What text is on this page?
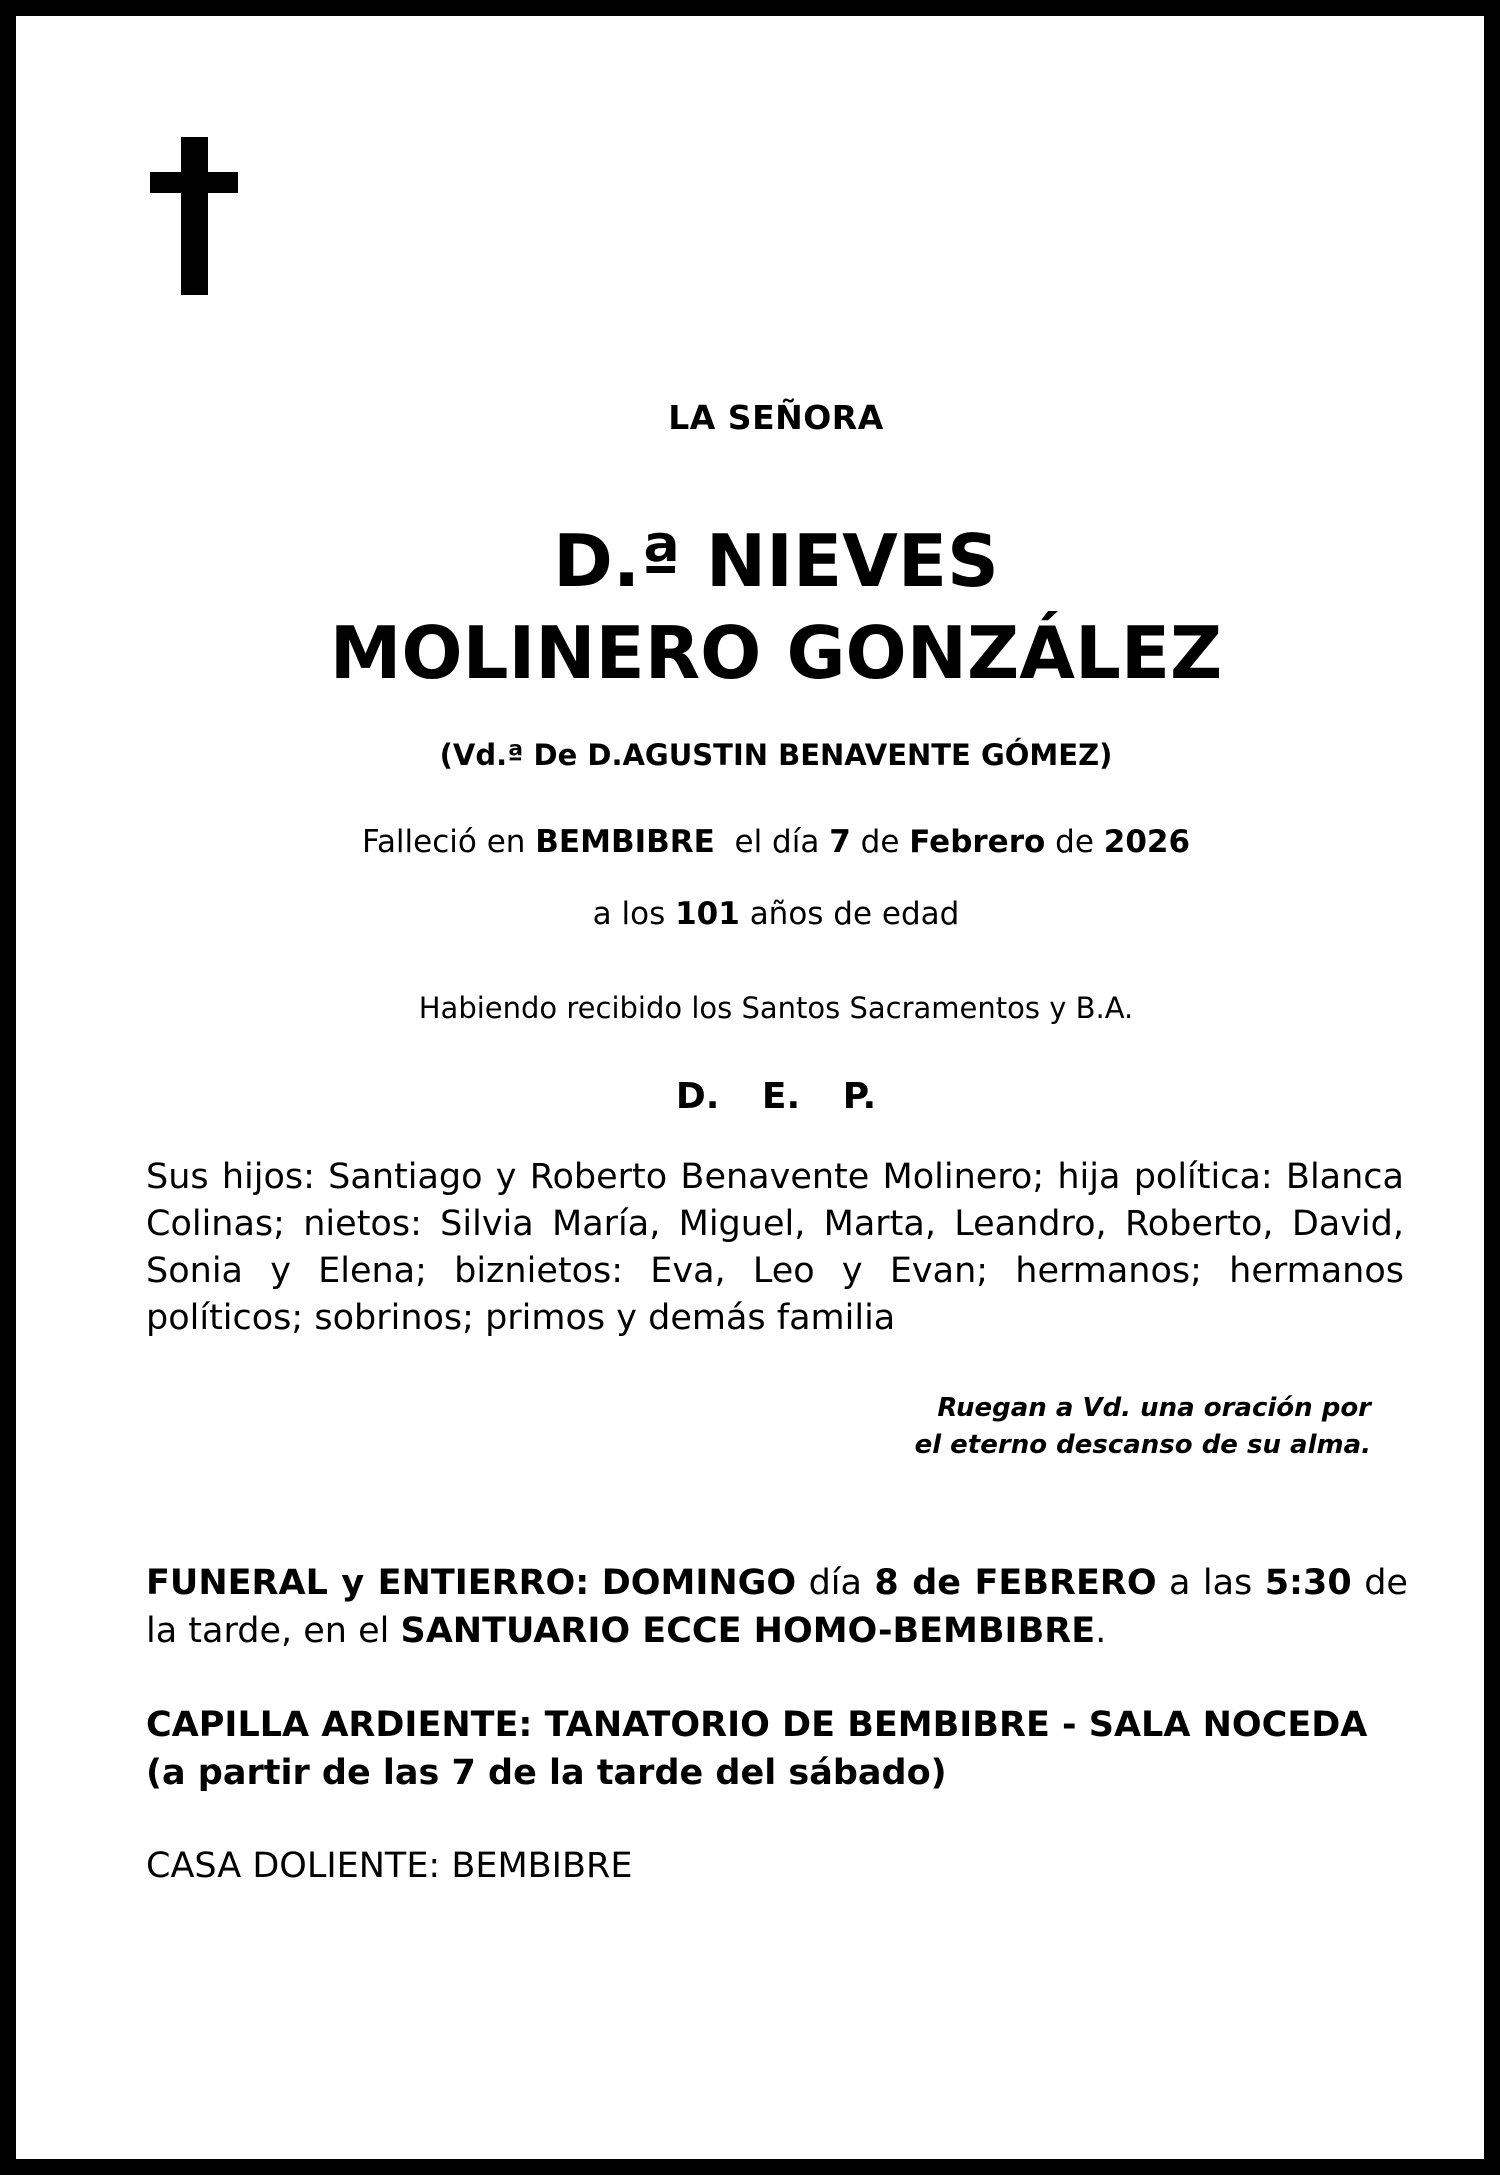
LA SEÑORA
D.ª NIEVES
MOLINERO GONZÁLEZ
(Vd.ª De D.AGUSTIN BENAVENTE GÓMEZ)
Falleció en BEMBIBRE el día 7 de Febrero de 2026
a los 101 años de edad
Habiendo recibido los Santos Sacramentos y B.A.
D. E. P.
Sus hijos: Santiago y Roberto Benavente Molinero; hija política: Blanca Colinas; nietos: Silvia María, Miguel, Marta, Leandro, Roberto, David, Sonia y Elena; biznietos: Eva, Leo y Evan; hermanos; hermanos políticos; sobrinos; primos y demás familia
Ruegan a Vd. una oración por
el eterno descanso de su alma.
FUNERAL y ENTIERRO: DOMINGO día 8 de FEBRERO a las 5:30 de la tarde, en el SANTUARIO ECCE HOMO-BEMBIBRE.
CAPILLA ARDIENTE: TANATORIO DE BEMBIBRE - SALA NOCEDA (a partir de las 7 de la tarde del sábado)
CASA DOLIENTE: BEMBIBRE
